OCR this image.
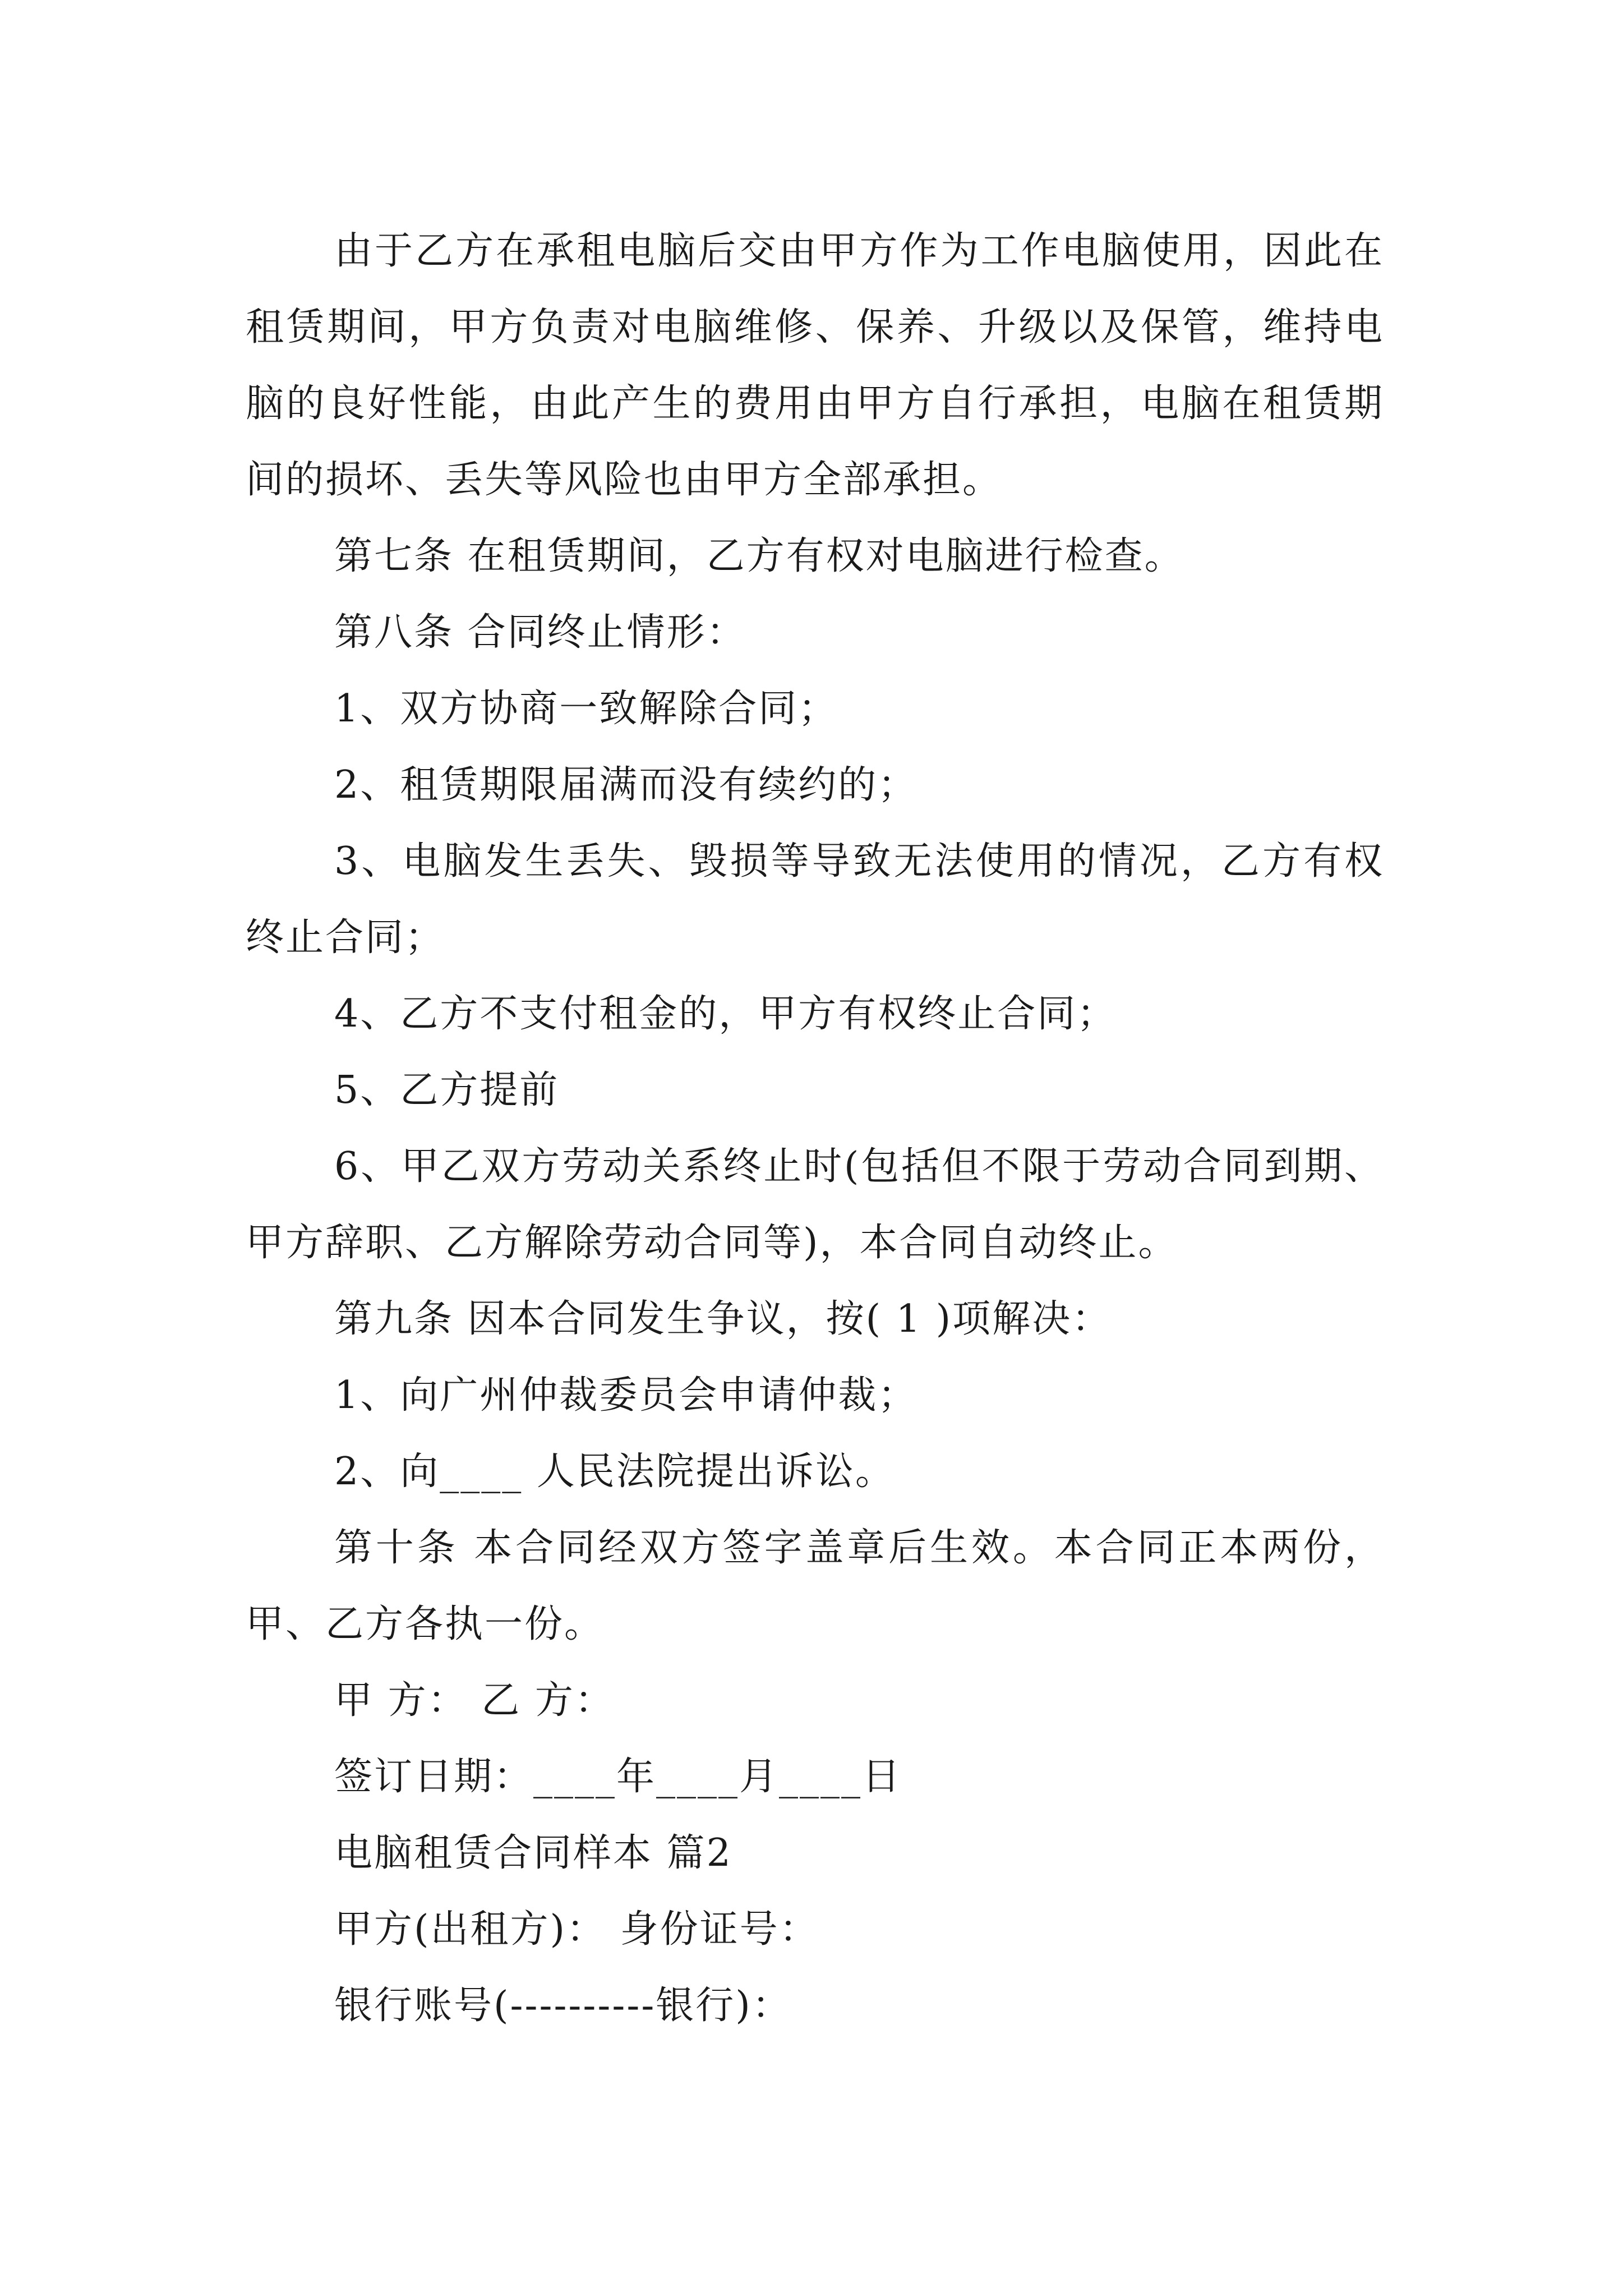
由于乙方在承租电脑后交由甲方作为工作电脑使用，因此在租赁期间，甲方负责对电脑维修、保养、升级以及保管，维持电脑的良好性能，由此产生的费用由甲方自行承担，电脑在租赁期间的损坏、丢失等风险也由甲方全部承担。

第七条 在租赁期间，乙方有权对电脑进行检查。

第八条 合同终止情形：

1、双方协商一致解除合同；

2、租赁期限届满而没有续约的；

3、电脑发生丢失、毁损等导致无法使用的情况，乙方有权终止合同；

4、乙方不支付租金的，甲方有权终止合同；

5、乙方提前

6、甲乙双方劳动关系终止时(包括但不限于劳动合同到期、甲方辞职、乙方解除劳动合同等)，本合同自动终止。

第九条 因本合同发生争议，按( 1 )项解决：

1、向广州仲裁委员会申请仲裁；

2、向____ 人民法院提出诉讼。

第十条 本合同经双方签字盖章后生效。本合同正本两份，甲、乙方各执一份。

甲 方： 乙 方：

签订日期：____年____月____日

电脑租赁合同样本 篇2

甲方(出租方)： 身份证号：

银行账号(----------银行)：
